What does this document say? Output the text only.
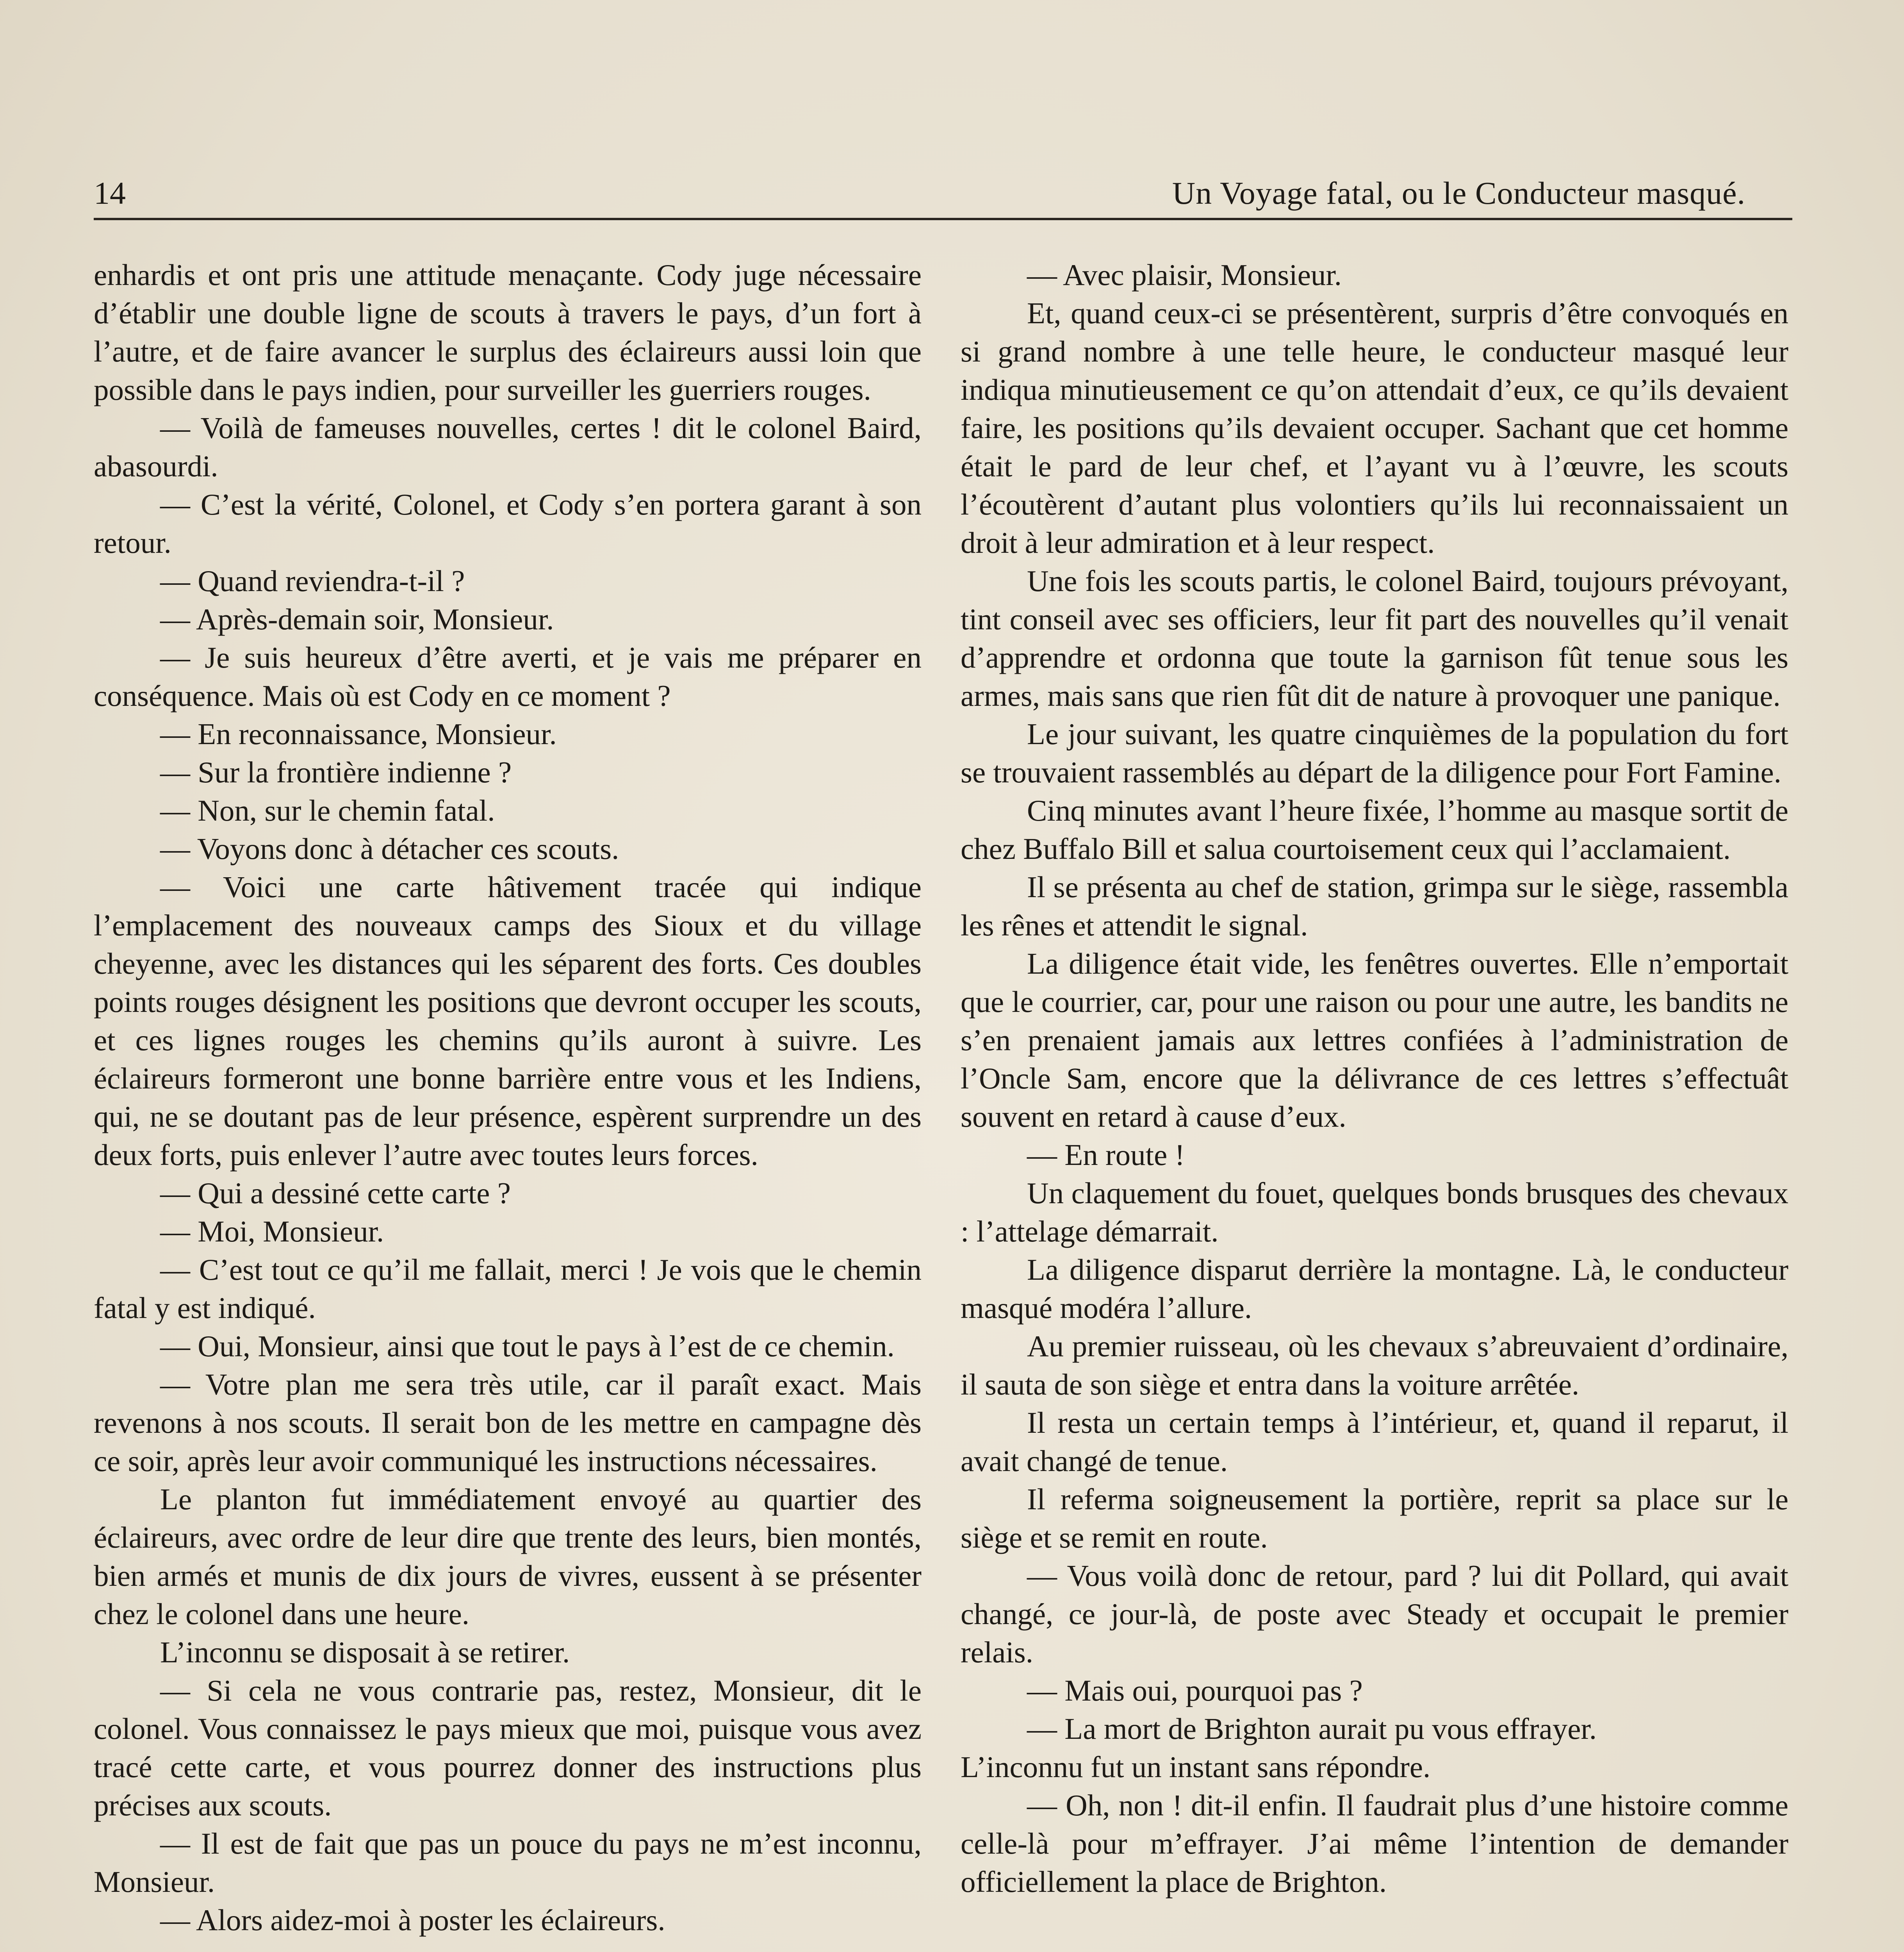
14	Un Voyage fatal, ou le Conducteur masqué.

enhardis et ont pris une attitude menaçante. Cody juge nécessaire d’établir une double ligne de scouts à travers le pays, d’un fort à l’autre, et de faire avancer le surplus des éclaireurs aussi loin que possible dans le pays indien, pour surveiller les guerriers rouges.

— Voilà de fameuses nouvelles, certes ! dit le colonel Baird, abasourdi.

— C’est la vérité, Colonel, et Cody s’en portera garant à son retour.

— Quand reviendra-t-il ?

— Après-demain soir, Monsieur.

— Je suis heureux d’être averti, et je vais me préparer en conséquence. Mais où est Cody en ce moment ?

— En reconnaissance, Monsieur.

— Sur la frontière indienne ?

— Non, sur le chemin fatal.

— Voyons donc à détacher ces scouts.

— Voici une carte hâtivement tracée qui indique l’emplacement des nouveaux camps des Sioux et du village cheyenne, avec les distances qui les séparent des forts. Ces doubles points rouges désignent les positions que devront occuper les scouts, et ces lignes rouges les chemins qu’ils auront à suivre. Les éclaireurs formeront une bonne barrière entre vous et les Indiens, qui, ne se doutant pas de leur présence, espèrent surprendre un des deux forts, puis enlever l’autre avec toutes leurs forces.

— Qui a dessiné cette carte ?

— Moi, Monsieur.

— C’est tout ce qu’il me fallait, merci ! Je vois que le chemin fatal y est indiqué.

— Oui, Monsieur, ainsi que tout le pays à l’est de ce chemin.

— Votre plan me sera très utile, car il paraît exact. Mais revenons à nos scouts. Il serait bon de les mettre en campagne dès ce soir, après leur avoir communiqué les instructions nécessaires.

Le planton fut immédiatement envoyé au quartier des éclaireurs, avec ordre de leur dire que trente des leurs, bien montés, bien armés et munis de dix jours de vivres, eussent à se présenter chez le colonel dans une heure.

L’inconnu se disposait à se retirer.

— Si cela ne vous contrarie pas, restez, Monsieur, dit le colonel. Vous connaissez le pays mieux que moi, puisque vous avez tracé cette carte, et vous pourrez donner des instructions plus précises aux scouts.

— Il est de fait que pas un pouce du pays ne m’est inconnu, Monsieur.

— Alors aidez-moi à poster les éclaireurs.

— Avec plaisir, Monsieur.

Et, quand ceux-ci se présentèrent, surpris d’être convoqués en si grand nombre à une telle heure, le conducteur masqué leur indiqua minutieusement ce qu’on attendait d’eux, ce qu’ils devaient faire, les positions qu’ils devaient occuper. Sachant que cet homme était le pard de leur chef, et l’ayant vu à l’œuvre, les scouts l’écoutèrent d’autant plus volontiers qu’ils lui reconnaissaient un droit à leur admiration et à leur respect.

Une fois les scouts partis, le colonel Baird, toujours prévoyant, tint conseil avec ses officiers, leur fit part des nouvelles qu’il venait d’apprendre et ordonna que toute la garnison fût tenue sous les armes, mais sans que rien fût dit de nature à provoquer une panique.

Le jour suivant, les quatre cinquièmes de la population du fort se trouvaient rassemblés au départ de la diligence pour Fort Famine.

Cinq minutes avant l’heure fixée, l’homme au masque sortit de chez Buffalo Bill et salua courtoisement ceux qui l’acclamaient.

Il se présenta au chef de station, grimpa sur le siège, rassembla les rênes et attendit le signal.

La diligence était vide, les fenêtres ouvertes. Elle n’emportait que le courrier, car, pour une raison ou pour une autre, les bandits ne s’en prenaient jamais aux lettres confiées à l’administration de l’Oncle Sam, encore que la délivrance de ces lettres s’effectuât souvent en retard à cause d’eux.

— En route !

Un claquement du fouet, quelques bonds brusques des chevaux : l’attelage démarrait.

La diligence disparut derrière la montagne. Là, le conducteur masqué modéra l’allure.

Au premier ruisseau, où les chevaux s’abreuvaient d’ordinaire, il sauta de son siège et entra dans la voiture arrêtée.

Il resta un certain temps à l’intérieur, et, quand il reparut, il avait changé de tenue.

Il referma soigneusement la portière, reprit sa place sur le siège et se remit en route.

— Vous voilà donc de retour, pard ? lui dit Pollard, qui avait changé, ce jour-là, de poste avec Steady et occupait le premier relais.

— Mais oui, pourquoi pas ?

— La mort de Brighton aurait pu vous effrayer.

L’inconnu fut un instant sans répondre.

— Oh, non ! dit-il enfin. Il faudrait plus d’une histoire comme celle-là pour m’effrayer. J’ai même l’intention de demander officiellement la place de Brighton.
